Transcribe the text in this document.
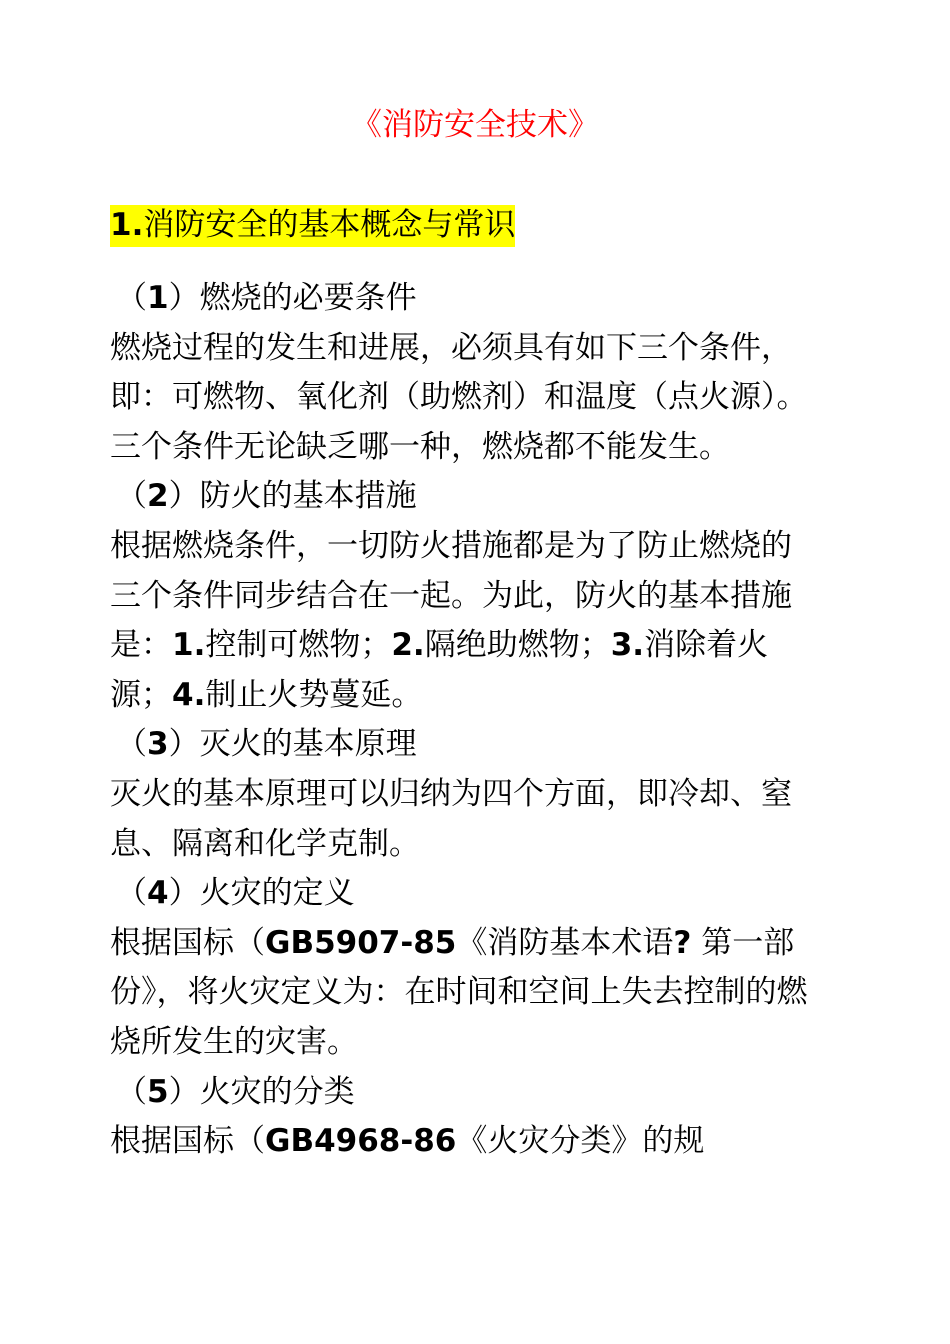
《消防安全技术》
1.消防安全的基本概念与常识

（1）燃烧的必要条件

燃烧过程的发生和进展，必须具有如下三个条件，即：可燃物、氧化剂（助燃剂）和温度（点火源）。三个条件无论缺乏哪一种，燃烧都不能发生。

（2）防火的基本措施

根据燃烧条件，一切防火措施都是为了防止燃烧的三个条件同步结合在一起。为此，防火的基本措施是：1.控制可燃物；2.隔绝助燃物；3.消除着火源；4.制止火势蔓延。

（3）灭火的基本原理

灭火的基本原理可以归纳为四个方面，即冷却、窒息、隔离和化学克制。

（4）火灾的定义

根据国标（GB5907-85《消防基本术语? 第一部份》，将火灾定义为：在时间和空间上失去控制的燃烧所发生的灾害。

（5）火灾的分类

根据国标（GB4968-86《火灾分类》的规
